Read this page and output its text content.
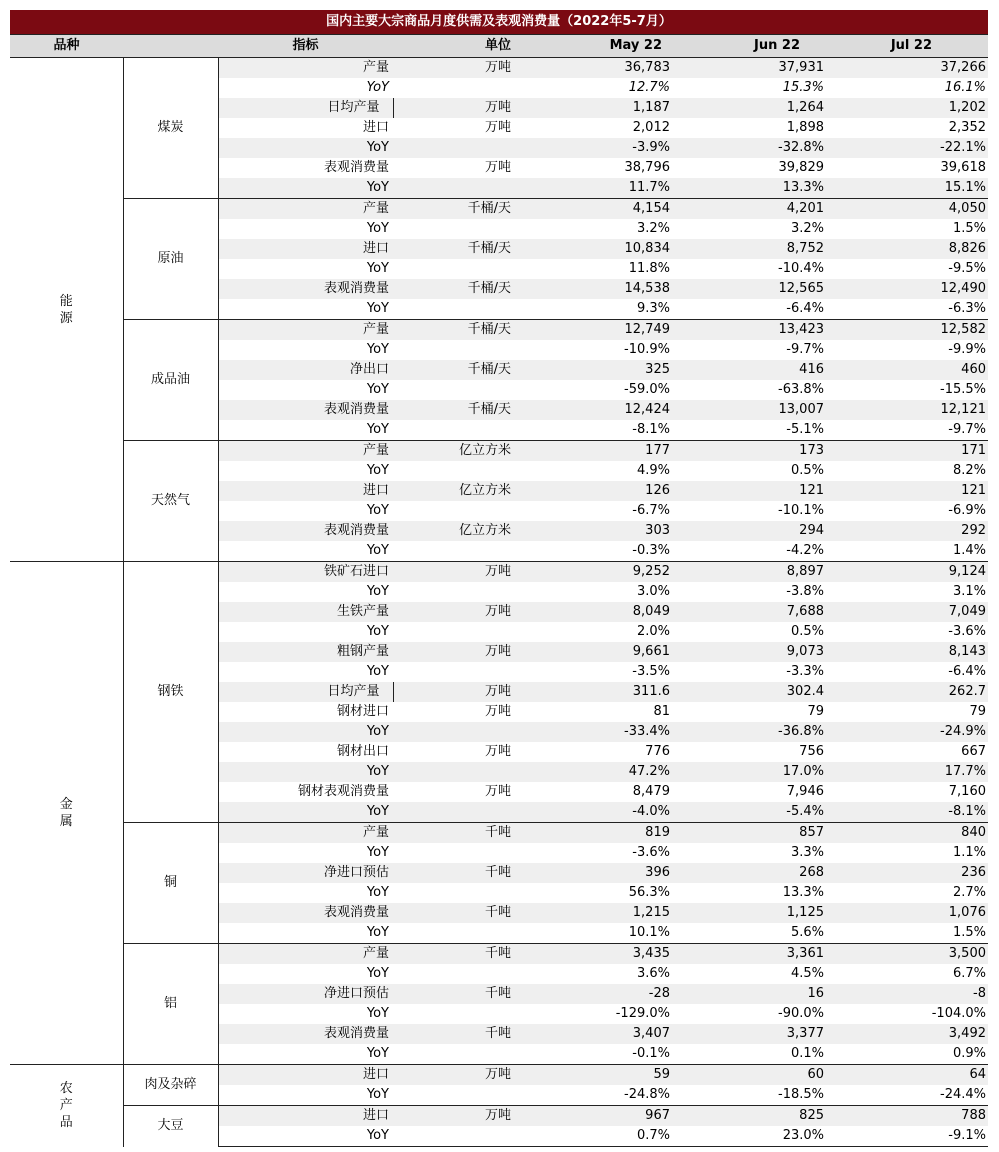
国内主要大宗商品月度供需及表观消费量（2022年5-7月）
品种		指标	单位	May 22	Jun 22	Jul 22
能
源	煤炭	产量	万吨	36,783	37,931	37,266
		YoY		12.7%	15.3%	16.1%
		日均产量	万吨	1,187	1,264	1,202
		进口	万吨	2,012	1,898	2,352
		YoY		-3.9%	-32.8%	-22.1%
		表观消费量	万吨	38,796	39,829	39,618
		YoY		11.7%	13.3%	15.1%
	原油	产量	千桶/天	4,154	4,201	4,050
		YoY		3.2%	3.2%	1.5%
		进口	千桶/天	10,834	8,752	8,826
		YoY		11.8%	-10.4%	-9.5%
		表观消费量	千桶/天	14,538	12,565	12,490
		YoY		9.3%	-6.4%	-6.3%
	成品油	产量	千桶/天	12,749	13,423	12,582
		YoY		-10.9%	-9.7%	-9.9%
		净出口	千桶/天	325	416	460
		YoY		-59.0%	-63.8%	-15.5%
		表观消费量	千桶/天	12,424	13,007	12,121
		YoY		-8.1%	-5.1%	-9.7%
	天然气	产量	亿立方米	177	173	171
		YoY		4.9%	0.5%	8.2%
		进口	亿立方米	126	121	121
		YoY		-6.7%	-10.1%	-6.9%
		表观消费量	亿立方米	303	294	292
		YoY		-0.3%	-4.2%	1.4%
金
属	钢铁	铁矿石进口	万吨	9,252	8,897	9,124
		YoY		3.0%	-3.8%	3.1%
		生铁产量	万吨	8,049	7,688	7,049
		YoY		2.0%	0.5%	-3.6%
		粗钢产量	万吨	9,661	9,073	8,143
		YoY		-3.5%	-3.3%	-6.4%
		日均产量	万吨	311.6	302.4	262.7
		钢材进口	万吨	81	79	79
		YoY		-33.4%	-36.8%	-24.9%
		钢材出口	万吨	776	756	667
		YoY		47.2%	17.0%	17.7%
		钢材表观消费量	万吨	8,479	7,946	7,160
		YoY		-4.0%	-5.4%	-8.1%
	铜	产量	千吨	819	857	840
		YoY		-3.6%	3.3%	1.1%
		净进口预估	千吨	396	268	236
		YoY		56.3%	13.3%	2.7%
		表观消费量	千吨	1,215	1,125	1,076
		YoY		10.1%	5.6%	1.5%
	铝	产量	千吨	3,435	3,361	3,500
		YoY		3.6%	4.5%	6.7%
		净进口预估	千吨	-28	16	-8
		YoY		-129.0%	-90.0%	-104.0%
		表观消费量	千吨	3,407	3,377	3,492
		YoY		-0.1%	0.1%	0.9%
农
产
品	肉及杂碎	进口	万吨	59	60	64
		YoY		-24.8%	-18.5%	-24.4%
	大豆	进口	万吨	967	825	788
		YoY		0.7%	23.0%	-9.1%
